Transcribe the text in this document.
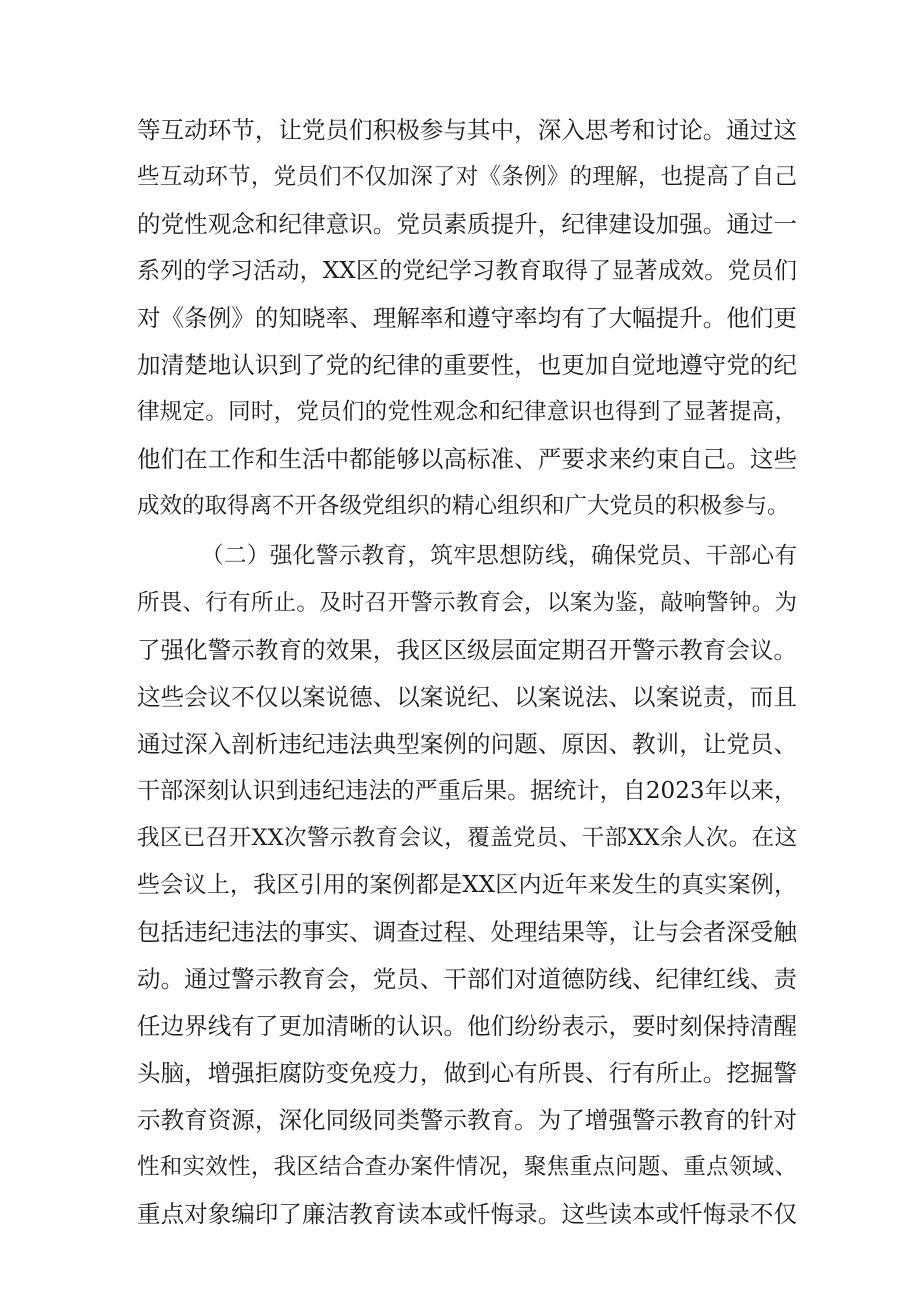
等互动环节，让党员们积极参与其中，深入思考和讨论。通过这

些互动环节，党员们不仅加深了对《条例》的理解，也提高了自己

的党性观念和纪律意识。党员素质提升，纪律建设加强。通过一

系列的学习活动，XX区的党纪学习教育取得了显著成效。党员们

对《条例》的知晓率、理解率和遵守率均有了大幅提升。他们更

加清楚地认识到了党的纪律的重要性，也更加自觉地遵守党的纪

律规定。同时，党员们的党性观念和纪律意识也得到了显著提高，

他们在工作和生活中都能够以高标准、严要求来约束自己。这些

成效的取得离不开各级党组织的精心组织和广大党员的积极参与。

（二）强化警示教育，筑牢思想防线，确保党员、干部心有

所畏、行有所止。及时召开警示教育会，以案为鉴，敲响警钟。为

了强化警示教育的效果，我区区级层面定期召开警示教育会议。

这些会议不仅以案说德、以案说纪、以案说法、以案说责，而且

通过深入剖析违纪违法典型案例的问题、原因、教训，让党员、

干部深刻认识到违纪违法的严重后果。据统计，自2023年以来，

我区已召开XX次警示教育会议，覆盖党员、干部XX余人次。在这

些会议上，我区引用的案例都是XX区内近年来发生的真实案例，

包括违纪违法的事实、调查过程、处理结果等，让与会者深受触

动。通过警示教育会，党员、干部们对道德防线、纪律红线、责

任边界线有了更加清晰的认识。他们纷纷表示，要时刻保持清醒

头脑，增强拒腐防变免疫力，做到心有所畏、行有所止。挖掘警

示教育资源，深化同级同类警示教育。为了增强警示教育的针对

性和实效性，我区结合查办案件情况，聚焦重点问题、重点领域、

重点对象编印了廉洁教育读本或忏悔录。这些读本或忏悔录不仅
